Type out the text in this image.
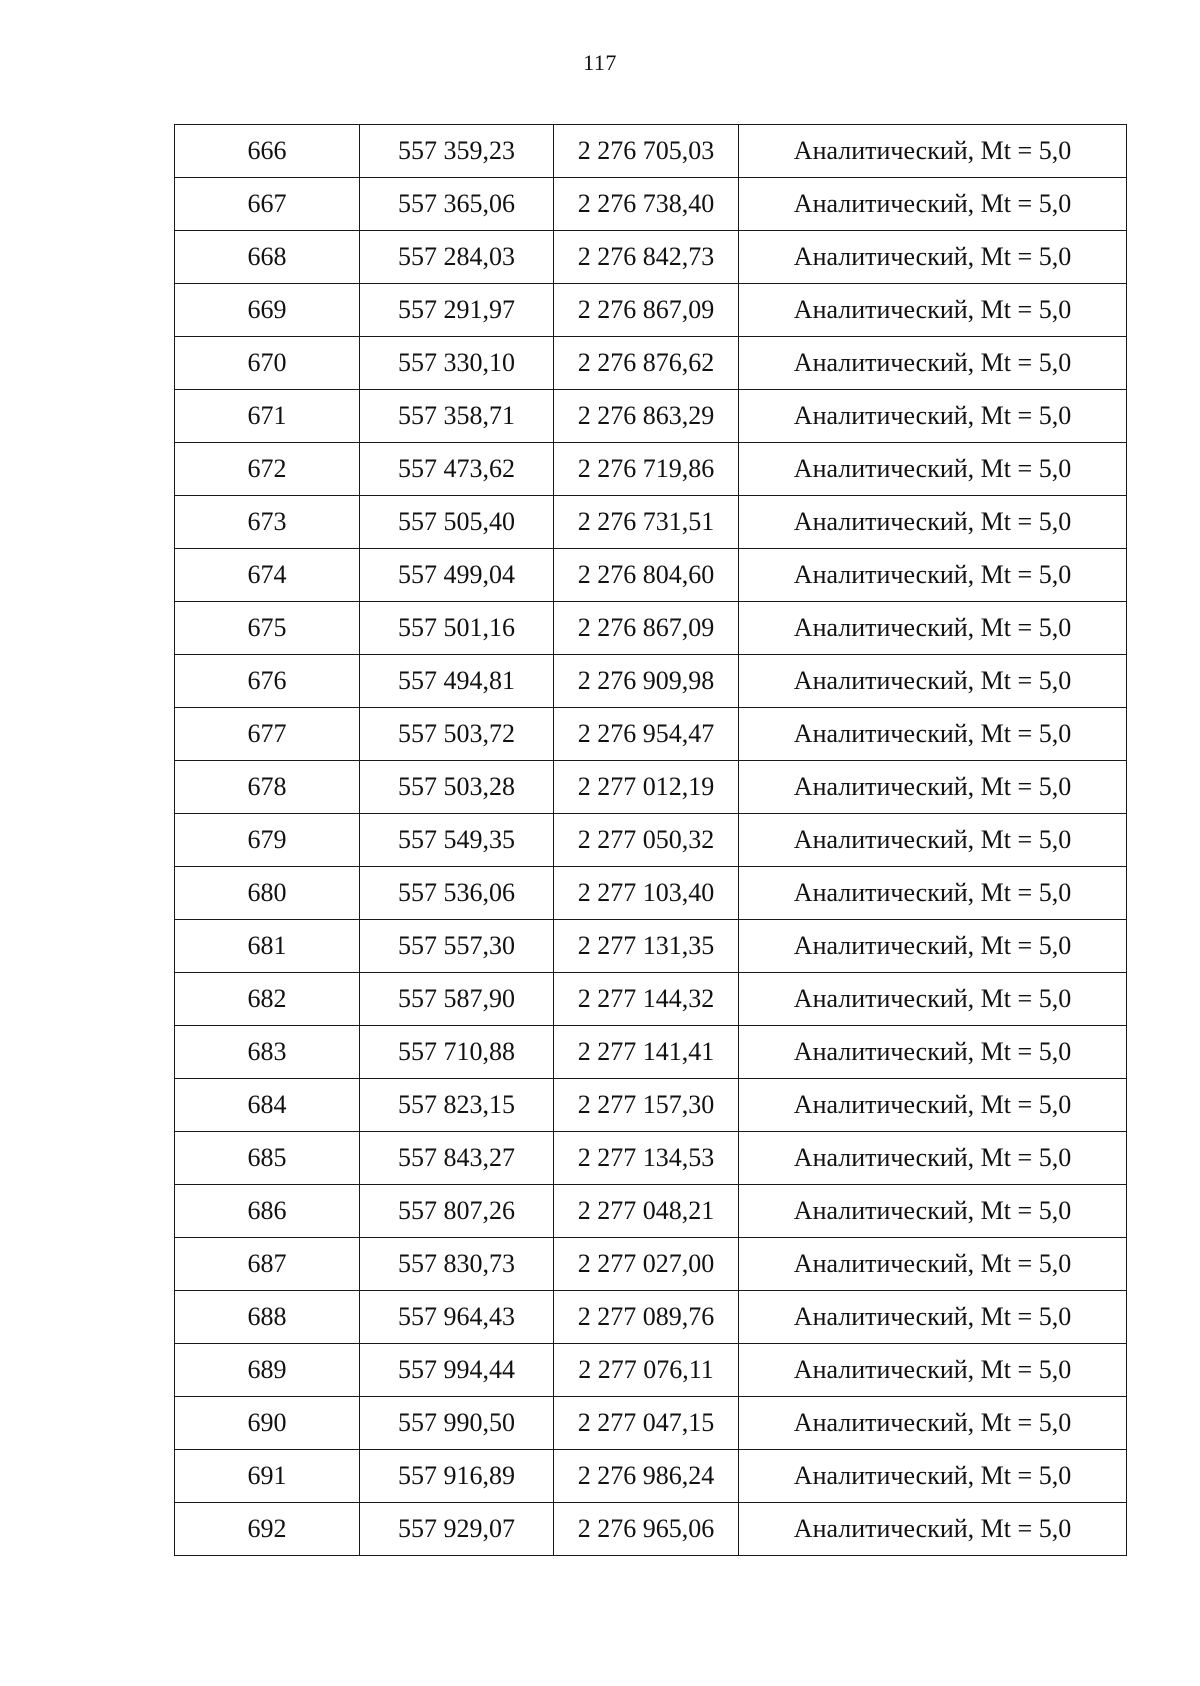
117
666	557 359,23	2 276 705,03	Аналитический, Mt = 5,0
667	557 365,06	2 276 738,40	Аналитический, Mt = 5,0
668	557 284,03	2 276 842,73	Аналитический, Mt = 5,0
669	557 291,97	2 276 867,09	Аналитический, Mt = 5,0
670	557 330,10	2 276 876,62	Аналитический, Mt = 5,0
671	557 358,71	2 276 863,29	Аналитический, Mt = 5,0
672	557 473,62	2 276 719,86	Аналитический, Mt = 5,0
673	557 505,40	2 276 731,51	Аналитический, Mt = 5,0
674	557 499,04	2 276 804,60	Аналитический, Mt = 5,0
675	557 501,16	2 276 867,09	Аналитический, Mt = 5,0
676	557 494,81	2 276 909,98	Аналитический, Mt = 5,0
677	557 503,72	2 276 954,47	Аналитический, Mt = 5,0
678	557 503,28	2 277 012,19	Аналитический, Mt = 5,0
679	557 549,35	2 277 050,32	Аналитический, Mt = 5,0
680	557 536,06	2 277 103,40	Аналитический, Mt = 5,0
681	557 557,30	2 277 131,35	Аналитический, Mt = 5,0
682	557 587,90	2 277 144,32	Аналитический, Mt = 5,0
683	557 710,88	2 277 141,41	Аналитический, Mt = 5,0
684	557 823,15	2 277 157,30	Аналитический, Mt = 5,0
685	557 843,27	2 277 134,53	Аналитический, Mt = 5,0
686	557 807,26	2 277 048,21	Аналитический, Mt = 5,0
687	557 830,73	2 277 027,00	Аналитический, Mt = 5,0
688	557 964,43	2 277 089,76	Аналитический, Mt = 5,0
689	557 994,44	2 277 076,11	Аналитический, Mt = 5,0
690	557 990,50	2 277 047,15	Аналитический, Mt = 5,0
691	557 916,89	2 276 986,24	Аналитический, Mt = 5,0
692	557 929,07	2 276 965,06	Аналитический, Mt = 5,0
